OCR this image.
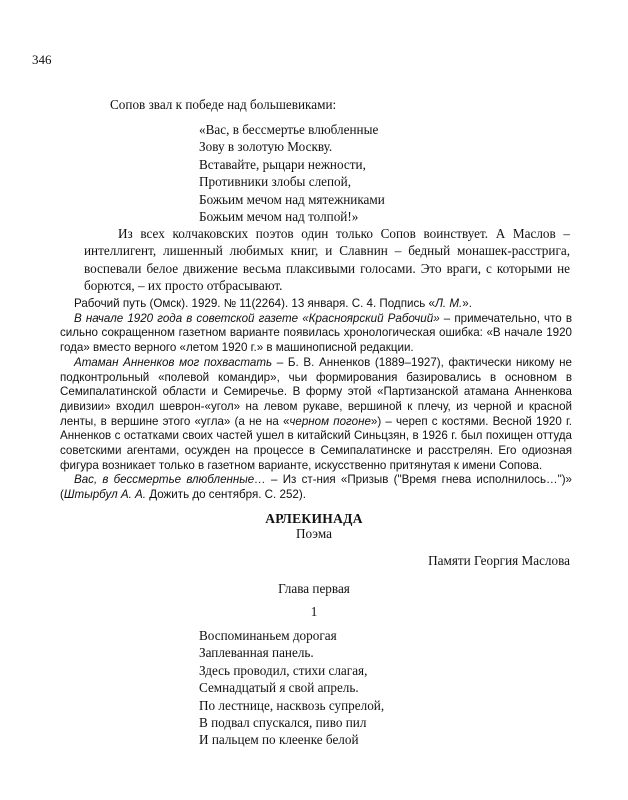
346

Сопов звал к победе над большевиками:

«Вас, в бессмертье влюбленные
Зову в золотую Москву.
Вставайте, рыцари нежности,
Противники злобы слепой,
Божьим мечом над мятежниками
Божьим мечом над толпой!»

Из всех колчаковских поэтов один только Сопов воинствует. А Маслов – интеллигент, лишенный любимых книг, и Славнин – бедный монашек-расстрига, воспевали белое движение весьма плаксивыми голосами. Это враги, с которыми не борются, – их просто отбрасывают.

Рабочий путь (Омск). 1929. № 11(2264). 13 января. С. 4. Подпись «Л. М.».

В начале 1920 года в советской газете «Красноярский Рабочий» – примечательно, что в сильно сокращенном газетном варианте появилась хронологическая ошибка: «В начале 1920 года» вместо верного «летом 1920 г.» в машинописной редакции.

Атаман Анненков мог похвастать – Б. В. Анненков (1889–1927), фактически никому не подконтрольный «полевой командир», чьи формирования базировались в основном в Семипалатинской области и Семиречье. В форму этой «Партизанской атамана Анненкова дивизии» входил шеврон-«угол» на левом рукаве, вершиной к плечу, из черной и красной ленты, в вершине этого «угла» (а не на «черном погоне») – череп с костями. Весной 1920 г. Анненков с остатками своих частей ушел в китайский Синьцзян, в 1926 г. был похищен оттуда советскими агентами, осужден на процессе в Семипалатинске и расстрелян. Его одиозная фигура возникает только в газетном варианте, искусственно притянутая к имени Сопова.

Вас, в бессмертье влюбленные… – Из ст-ния «Призыв ("Время гнева исполнилось…")» (Штырбул А. А. Дожить до сентября. С. 252).

АРЛЕКИНАДА
Поэма
Памяти Георгия Маслова
Глава первая
1
Воспоминаньем дорогая
Заплеванная панель.
Здесь проводил, стихи слагая,
Семнадцатый я свой апрель.
По лестнице, насквозь супрелой,
В подвал спускался, пиво пил
И пальцем по клеенке белой
